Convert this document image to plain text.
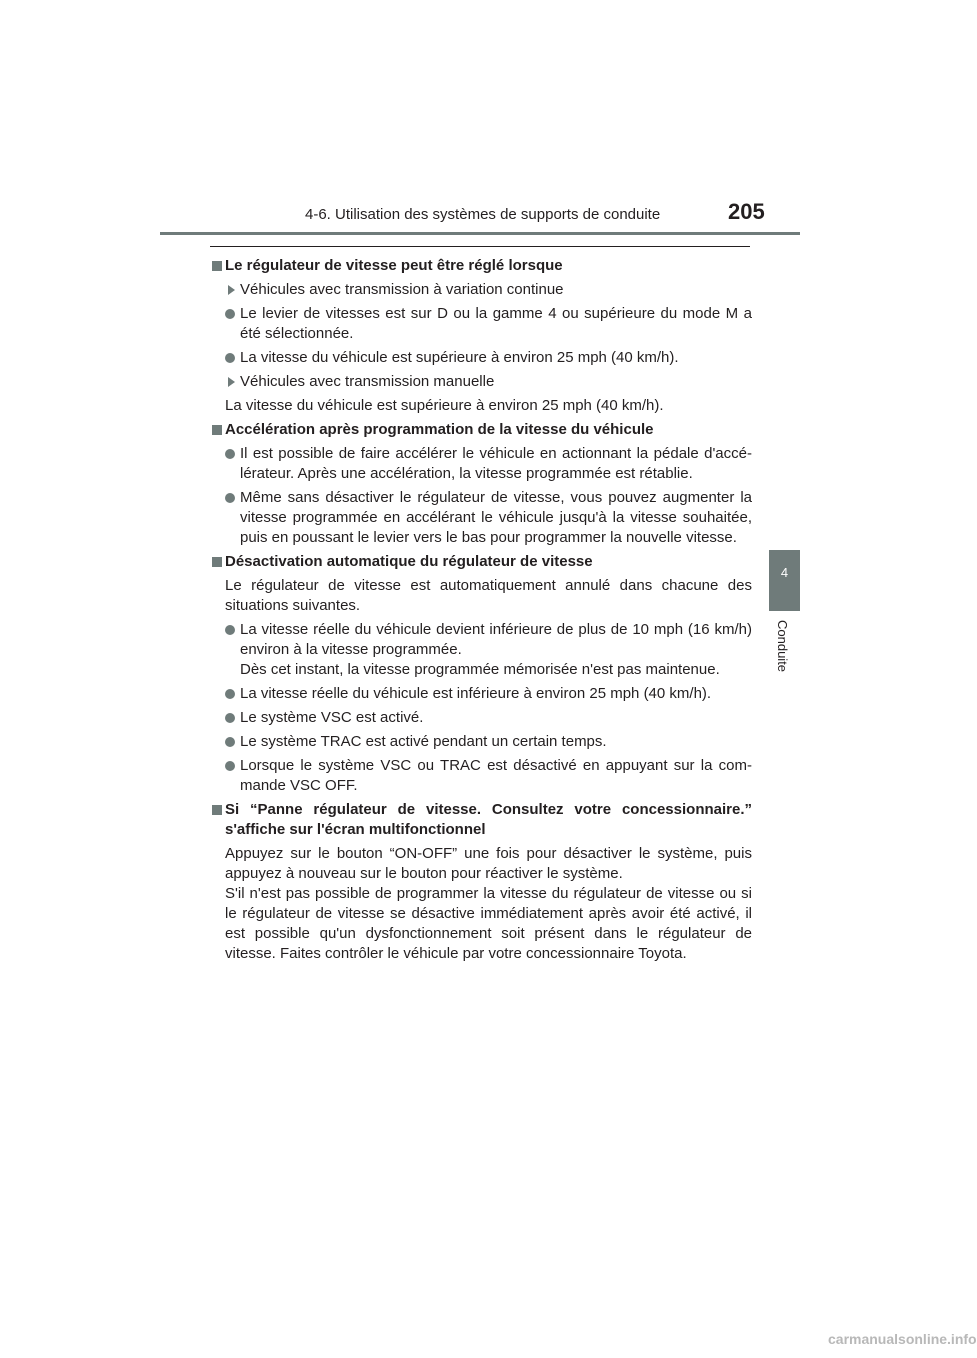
4-6. Utilisation des systèmes de supports de conduite	205
4
Conduite
Le régulateur de vitesse peut être réglé lorsque
Véhicules avec transmission à variation continue
Le levier de vitesses est sur D ou la gamme 4 ou supérieure du mode M a été sélectionnée.
La vitesse du véhicule est supérieure à environ 25 mph (40 km/h).
Véhicules avec transmission manuelle
La vitesse du véhicule est supérieure à environ 25 mph (40 km/h).
Accélération après programmation de la vitesse du véhicule
Il est possible de faire accélérer le véhicule en actionnant la pédale d'accé-lérateur. Après une accélération, la vitesse programmée est rétablie.
Même sans désactiver le régulateur de vitesse, vous pouvez augmenter la vitesse programmée en accélérant le véhicule jusqu'à la vitesse souhaitée, puis en poussant le levier vers le bas pour programmer la nouvelle vitesse.
Désactivation automatique du régulateur de vitesse
Le régulateur de vitesse est automatiquement annulé dans chacune des situations suivantes.
La vitesse réelle du véhicule devient inférieure de plus de 10 mph (16 km/h) environ à la vitesse programmée.
Dès cet instant, la vitesse programmée mémorisée n'est pas maintenue.
La vitesse réelle du véhicule est inférieure à environ 25 mph (40 km/h).
Le système VSC est activé.
Le système TRAC est activé pendant un certain temps.
Lorsque le système VSC ou TRAC est désactivé en appuyant sur la com-mande VSC OFF.
Si “Panne régulateur de vitesse. Consultez votre concessionnaire.” s'affiche sur l'écran multifonctionnel
Appuyez sur le bouton “ON-OFF” une fois pour désactiver le système, puis appuyez à nouveau sur le bouton pour réactiver le système.
S'il n'est pas possible de programmer la vitesse du régulateur de vitesse ou si le régulateur de vitesse se désactive immédiatement après avoir été activé, il est possible qu'un dysfonctionnement soit présent dans le régulateur de vitesse. Faites contrôler le véhicule par votre concessionnaire Toyota.
carmanualsonline.info
